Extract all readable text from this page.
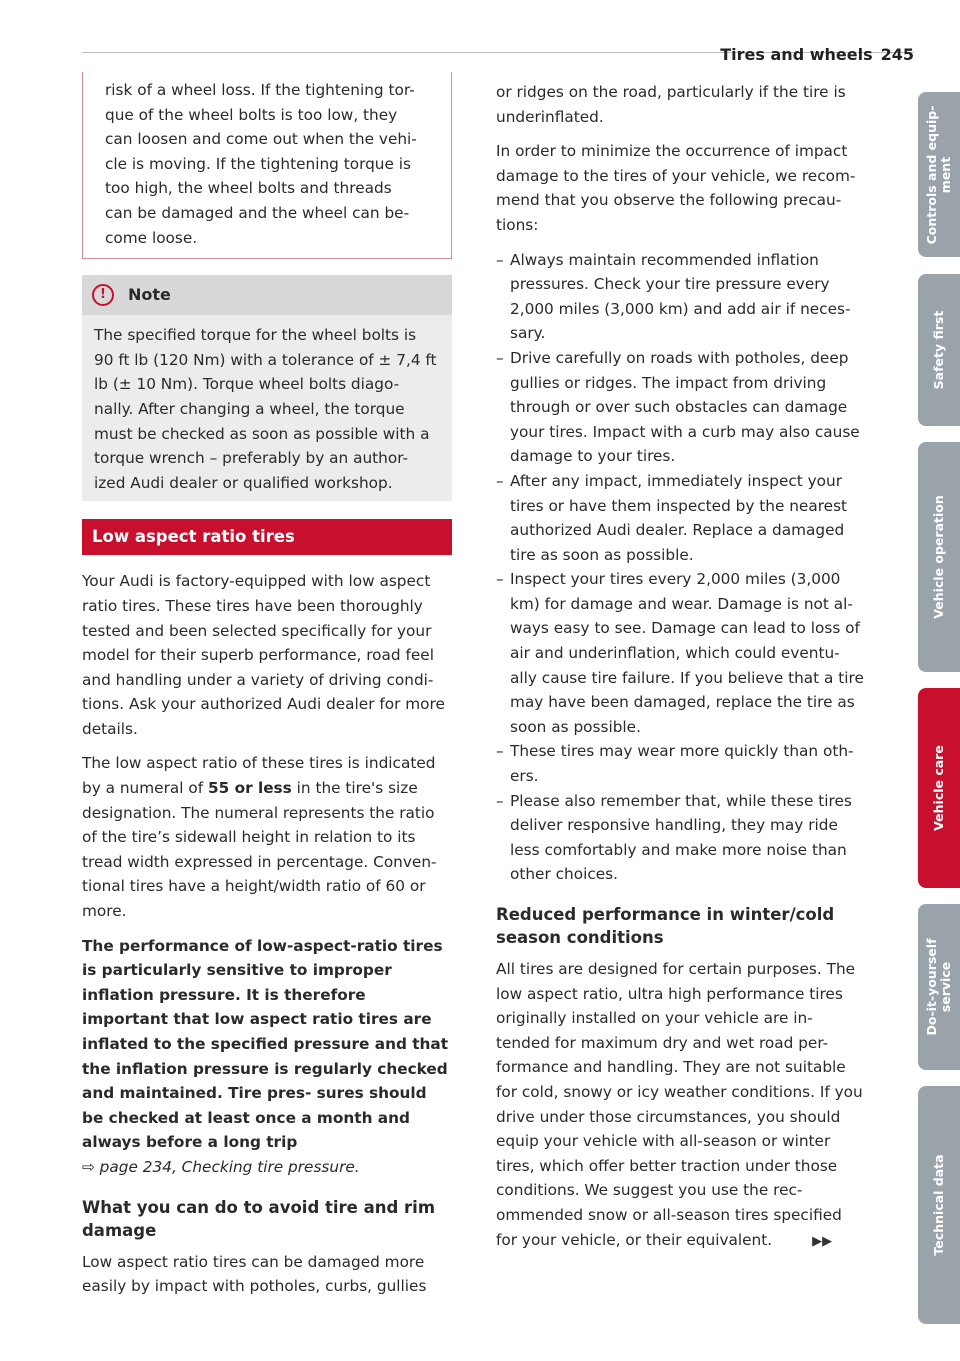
Tires and wheels 245
risk of a wheel loss. If the tightening tor-
que of the wheel bolts is too low, they
can loosen and come out when the vehi-
cle is moving. If the tightening torque is
too high, the wheel bolts and threads
can be damaged and the wheel can be-
come loose.
!	Note
The specified torque for the wheel bolts is 90 ft lb (120 Nm) with a tolerance of ± 7,4 ft lb (± 10 Nm). Torque wheel bolts diago- nally. After changing a wheel, the torque must be checked as soon as possible with a torque wrench – preferably by an author- ized Audi dealer or qualified workshop.
Low aspect ratio tires

Your Audi is factory-equipped with low aspect ratio tires. These tires have been thoroughly tested and been selected specifically for your model for their superb performance, road feel and handling under a variety of driving condi- tions. Ask your authorized Audi dealer for more details.

The low aspect ratio of these tires is indicated by a numeral of 55 or less in the tire's size designation. The numeral represents the ratio of the tire’s sidewall height in relation to its tread width expressed in percentage. Conven- tional tires have a height/width ratio of 60 or more.

The performance of low-aspect-ratio tires is particularly sensitive to improper inflation pressure. It is therefore important that low aspect ratio tires are inflated to the specified pressure and that the inflation pressure is regularly checked and maintained. Tire pres- sures should be checked at least once a month and always before a long trip

⇨ page 234, Checking tire pressure.

What you can do to avoid tire and rim damage

Low aspect ratio tires can be damaged more easily by impact with potholes, curbs, gullies

or ridges on the road, particularly if the tire is underinflated.

In order to minimize the occurrence of impact damage to the tires of your vehicle, we recom- mend that you observe the following precau- tions:

– Always maintain recommended inflation pressures. Check your tire pressure every 2,000 miles (3,000 km) and add air if neces- sary.
– Drive carefully on roads with potholes, deep gullies or ridges. The impact from driving through or over such obstacles can damage your tires. Impact with a curb may also cause damage to your tires.
– After any impact, immediately inspect your tires or have them inspected by the nearest authorized Audi dealer. Replace a damaged tire as soon as possible.
– Inspect your tires every 2,000 miles (3,000 km) for damage and wear. Damage is not al- ways easy to see. Damage can lead to loss of air and underinflation, which could eventu- ally cause tire failure. If you believe that a tire may have been damaged, replace the tire as soon as possible.
– These tires may wear more quickly than oth- ers.
– Please also remember that, while these tires deliver responsive handling, they may ride less comfortably and make more noise than other choices.
Reduced performance in winter/cold season conditions

All tires are designed for certain purposes. The low aspect ratio, ultra high performance tires originally installed on your vehicle are in- tended for maximum dry and wet road per- formance and handling. They are not suitable for cold, snowy or icy weather conditions. If you drive under those circumstances, you should equip your vehicle with all-season or winter tires, which offer better traction under those conditions. We suggest you use the rec- ommended snow or all-season tires specified for your vehicle, or their equivalent.	▶▶

Controls and equip- ment
Safety first
Vehicle operation
Vehicle care
Do-it-yourself service
Technical data
